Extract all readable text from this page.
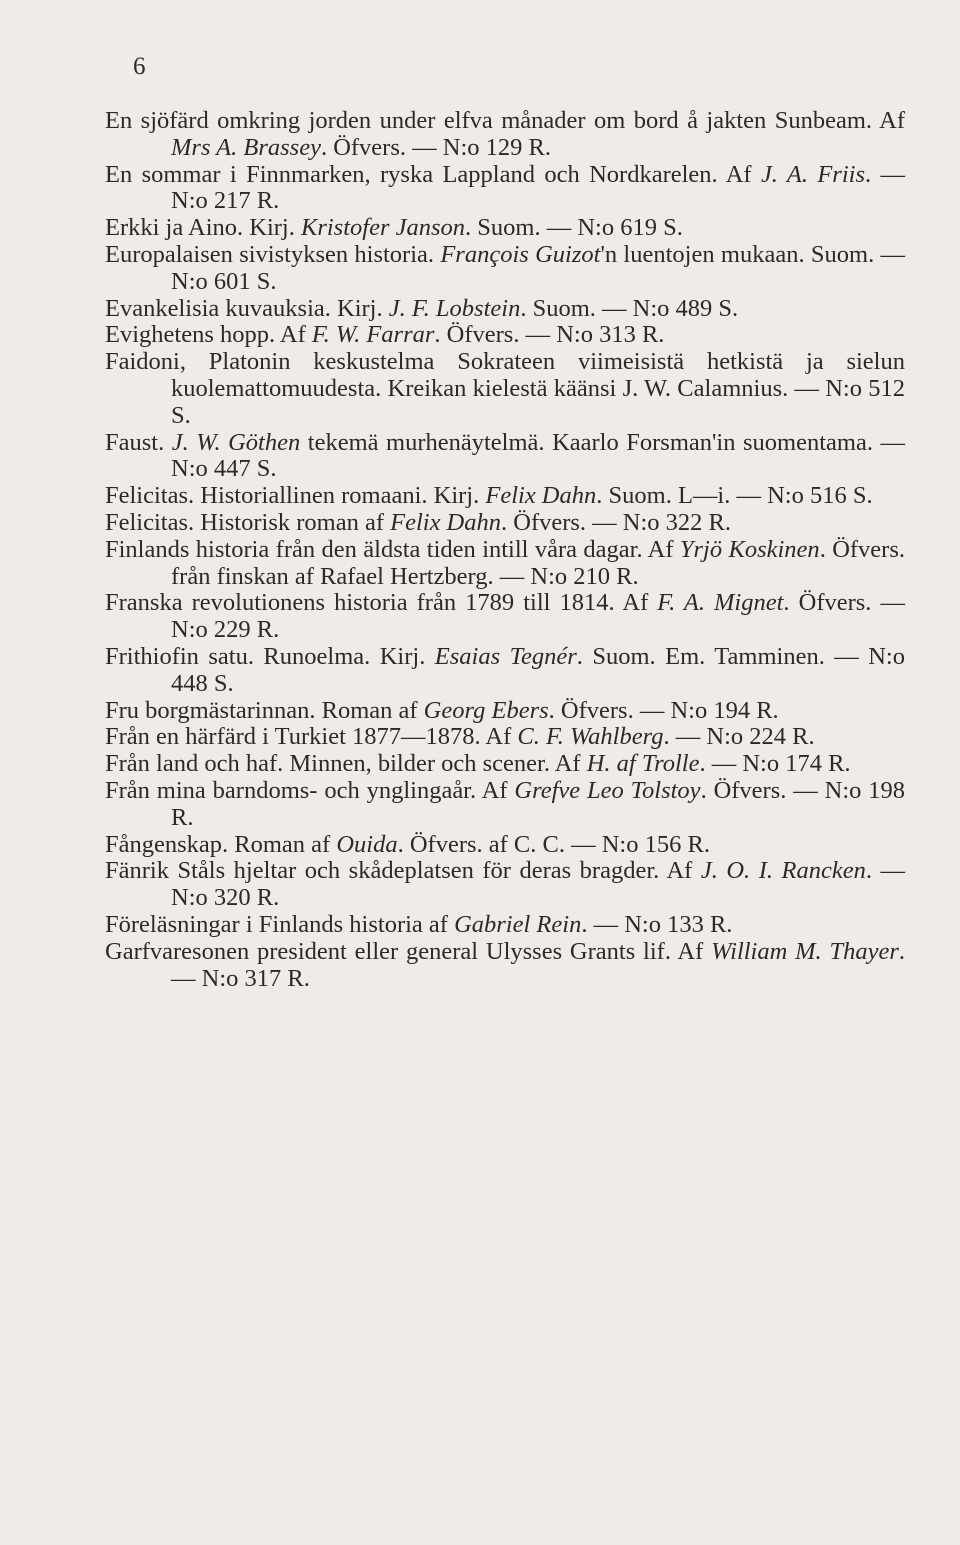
6

En sjöfärd omkring jorden under elfva månader om bord å jakten Sunbeam. Af Mrs A. Brassey. Öfvers. — N:o 129 R.

En sommar i Finnmarken, ryska Lappland och Nordkarelen. Af J. A. Friis. — N:o 217 R.

Erkki ja Aino. Kirj. Kristofer Janson. Suom. — N:o 619 S.

Europalaisen sivistyksen historia. François Guizot'n luentojen mukaan. Suom. — N:o 601 S.

Evankelisia kuvauksia. Kirj. J. F. Lobstein. Suom. — N:o 489 S.

Evighetens hopp. Af F. W. Farrar. Öfvers. — N:o 313 R.

Faidoni, Platonin keskustelma Sokrateen viimeisistä hetkistä ja sielun kuolemattomuudesta. Kreikan kielestä käänsi J. W. Calamnius. — N:o 512 S.

Faust. J. W. Göthen tekemä murhenäytelmä. Kaarlo Forsman'in suomentama. — N:o 447 S.

Felicitas. Historiallinen romaani. Kirj. Felix Dahn. Suom. L—i. — N:o 516 S.

Felicitas. Historisk roman af Felix Dahn. Öfvers. — N:o 322 R.

Finlands historia från den äldsta tiden intill våra dagar. Af Yrjö Koskinen. Öfvers. från finskan af Rafael Hertzberg. — N:o 210 R.

Franska revolutionens historia från 1789 till 1814. Af F. A. Mignet. Öfvers. — N:o 229 R.

Frithiofin satu. Runoelma. Kirj. Esaias Tegnér. Suom. Em. Tamminen. — N:o 448 S.

Fru borgmästarinnan. Roman af Georg Ebers. Öfvers. — N:o 194 R.

Från en härfärd i Turkiet 1877—1878. Af C. F. Wahlberg. — N:o 224 R.

Från land och haf. Minnen, bilder och scener. Af H. af Trolle. — N:o 174 R.

Från mina barndoms- och ynglingaår. Af Grefve Leo Tolstoy. Öfvers. — N:o 198 R.

Fångenskap. Roman af Ouida. Öfvers. af C. C. — N:o 156 R.

Fänrik Ståls hjeltar och skådeplatsen för deras bragder. Af J. O. I. Rancken. — N:o 320 R.

Föreläsningar i Finlands historia af Gabriel Rein. — N:o 133 R.

Garfvaresonen president eller general Ulysses Grants lif. Af William M. Thayer. — N:o 317 R.
